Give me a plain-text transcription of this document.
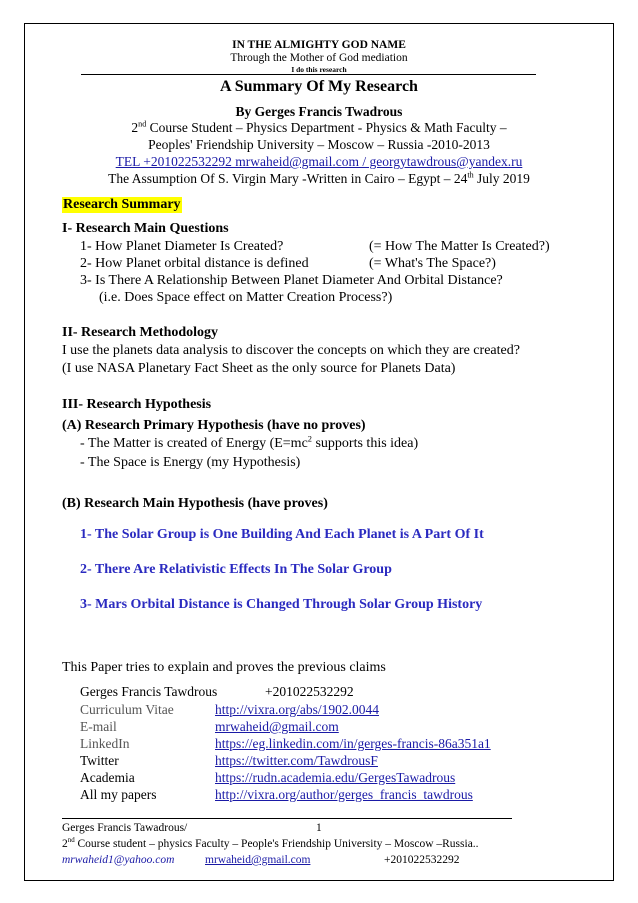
IN THE ALMIGHTY GOD NAME
Through the Mother of God mediation
I do this research
A Summary Of My Research
By Gerges Francis Twadrous
2nd Course Student – Physics Department - Physics & Math Faculty –
Peoples' Friendship University – Moscow – Russia -2010-2013
TEL +201022532292 mrwaheid@gmail.com / georgytawdrous@yandex.ru
The Assumption Of S. Virgin Mary -Written in Cairo – Egypt – 24th July 2019
Research Summary
I- Research Main Questions
1- How Planet Diameter Is Created?	(= How The Matter Is Created?)
2- How Planet orbital distance is defined	(= What's The Space?)
3- Is There A Relationship Between Planet Diameter And Orbital Distance?
(i.e. Does Space effect on Matter Creation Process?)
II- Research Methodology
I use the planets data analysis to discover the concepts on which they are created?
(I use NASA Planetary Fact Sheet as the only source for Planets Data)
III- Research Hypothesis
(A) Research Primary Hypothesis (have no proves)
- The Matter is created of Energy ($E=mc^2$ supports this idea)
- The Space is Energy (my Hypothesis)
(B) Research Main Hypothesis (have proves)
1- The Solar Group is One Building And Each Planet is A Part Of It
2- There Are Relativistic Effects In The Solar Group
3- Mars Orbital Distance is Changed Through Solar Group History
This Paper tries to explain and proves the previous claims
Gerges Francis Tawdrous	+201022532292
Curriculum Vitae	http://vixra.org/abs/1902.0044
E-mail	mrwaheid@gmail.com
LinkedIn	https://eg.linkedin.com/in/gerges-francis-86a351a1
Twitter	https://twitter.com/TawdrousF
Academia	https://rudn.academia.edu/GergesTawadrous
All my papers	http://vixra.org/author/gerges_francis_tawdrous
Gerges Francis Tawadrous/	1
2nd Course student – physics Faculty – People's Friendship University – Moscow –Russia..
mrwaheid1@yahoo.com	mrwaheid@gmail.com	+201022532292
